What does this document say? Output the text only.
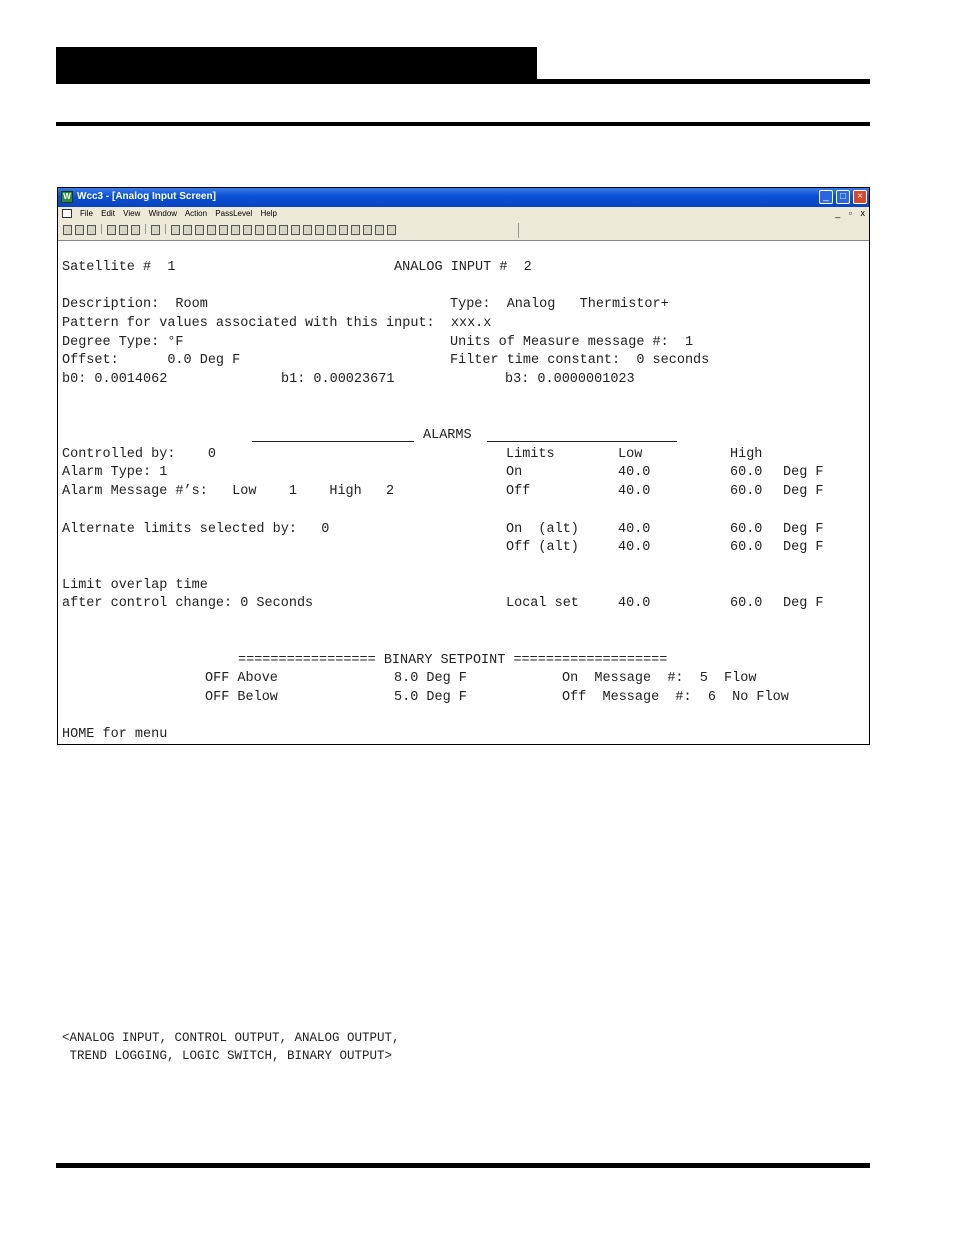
W Wcc3 - [Analog Input Screen]	_	□	×
File Edit View Window Action PassLevel Help	_ ▫ x
Satellite #  1	ANALOG INPUT #  2
Description:  Room	Type:  Analog   Thermistor+
Pattern for values associated with this input:  xxx.x
Degree Type: °F	Units of Measure message #:  1
Offset:      0.0 Deg F	Filter time constant:  0 seconds
b0: 0.0014062	b1: 0.00023671	b3: 0.0000001023
ALARMS
Controlled by:    0	Limits	Low	High
Alarm Type: 1	On	40.0	60.0 Deg F
Alarm Message #’s:   Low    1    High   2	Off	40.0	60.0 Deg F
Alternate limits selected by:   0	On  (alt)	40.0	60.0 Deg F
Off (alt)	40.0	60.0 Deg F
Limit overlap time
after control change: 0 Seconds	Local set	40.0	60.0 Deg F
================= BINARY SETPOINT ===================
OFF Above	8.0 Deg F	On  Message  #:  5  Flow
OFF Below	5.0 Deg F	Off  Message  #:  6  No Flow
HOME for menu
<ANALOG INPUT, CONTROL OUTPUT, ANALOG OUTPUT,
TREND LOGGING, LOGIC SWITCH, BINARY OUTPUT>
